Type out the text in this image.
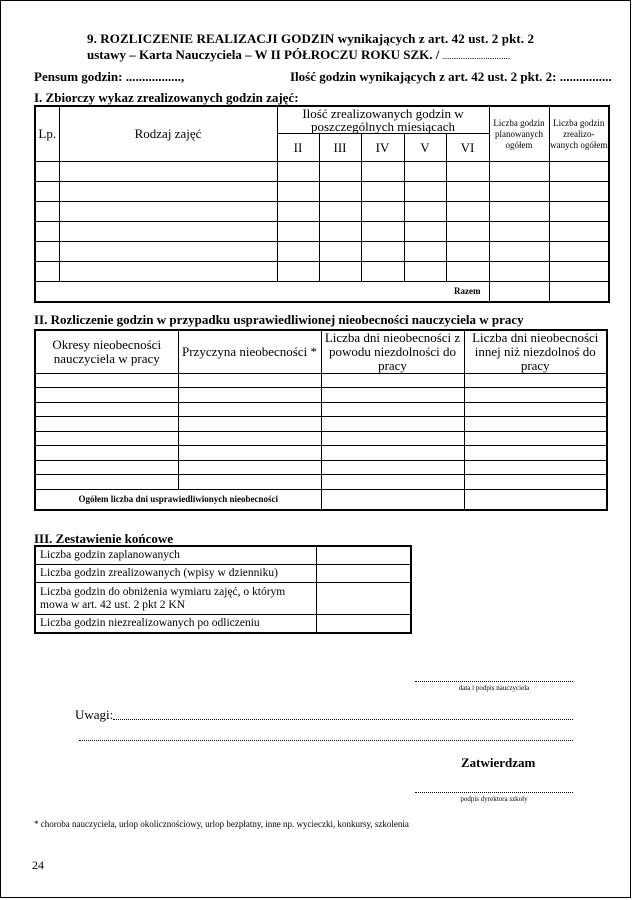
9. ROZLICZENIE REALIZACJI GODZIN wynikających z art. 42 ust. 2 pkt. 2
ustawy – Karta Nauczyciela – W II PÓŁROCZU ROKU SZK. / ..............................
Pensum godzin: .................,	Ilość godzin wynikających z art. 42 ust. 2 pkt. 2: ................
I. Zbiorczy wykaz zrealizowanych godzin zajęć:
Lp.	Rodzaj zajęć	Ilość zrealizowanych godzin w poszczególnych miesiącach					Liczba godzin planowanych ogółem	Liczba godzin zrealizo-wanych ogółem
		II	III	IV	V	VI		

Razem								
II. Rozliczenie godzin w przypadku usprawiedliwionej nieobecności nauczyciela w pracy
Okresy nieobecności nauczyciela w pracy	Przyczyna nieobecności *	Liczba dni nieobecności z powodu niezdolności do pracy	Liczba dni nieobecności innej niż niezdolnoś do pracy

Ogółem liczba dni usprawiedliwionych nieobecności			
III. Zestawienie końcowe
Liczba godzin zaplanowanych	
Liczba godzin zrealizowanych (wpisy w dzienniku)	
Liczba godzin do obniżenia wymiaru zajęć, o którym mowa w art. 42 ust. 2 pkt 2 KN	
Liczba godzin niezrealizowanych po odliczeniu	
data i podpis nauczyciela
Uwagi:
Zatwierdzam
podpis dyrektora szkoły
* choroba nauczyciela, urlop okolicznościowy, urlop bezpłatny, inne np. wycieczki, konkursy, szkolenia
24
